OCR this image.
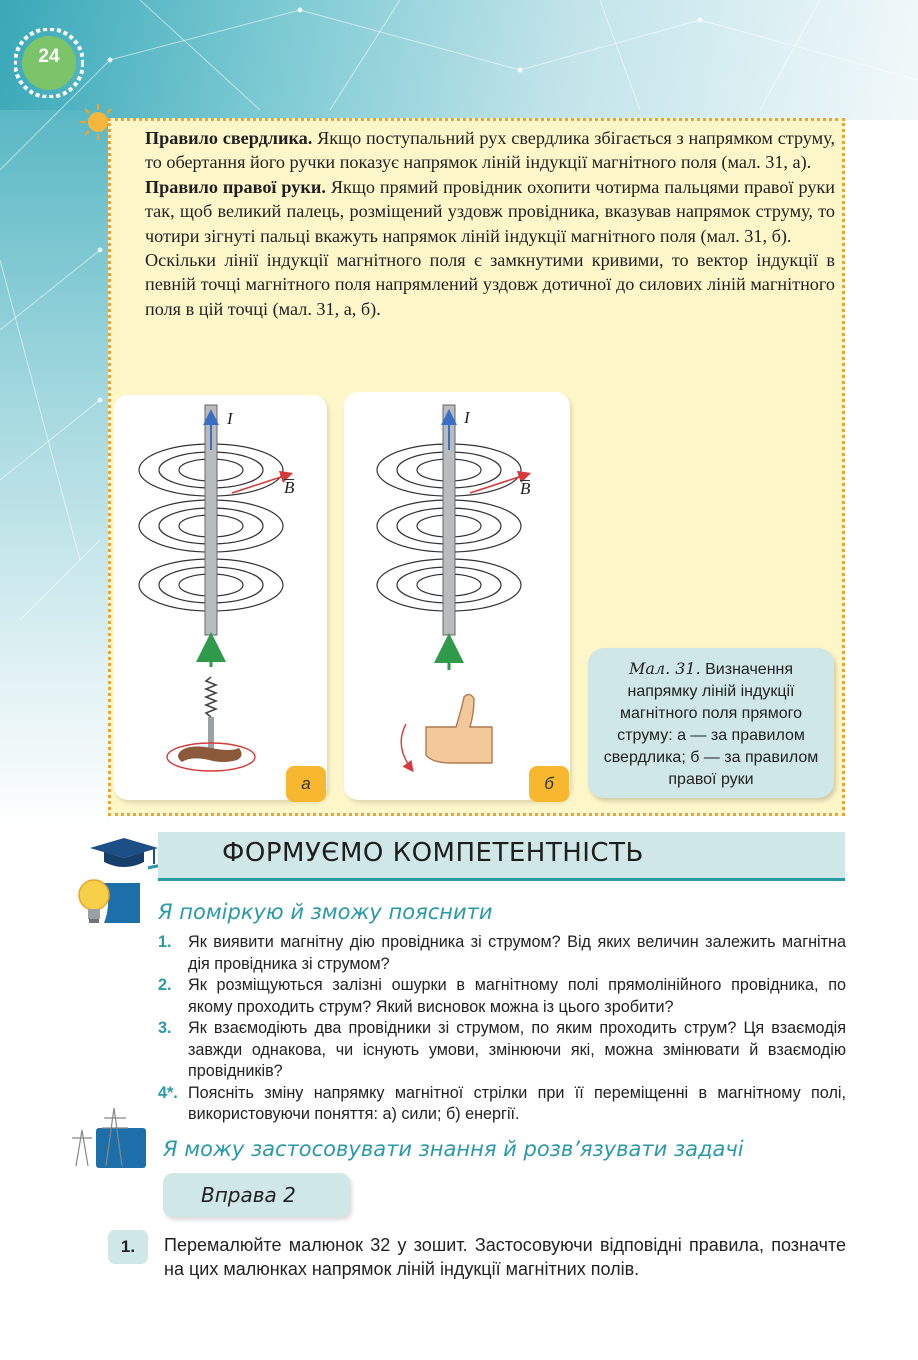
24

Правило свердлика. Якщо поступальний рух свердлика збігається з напрямком струму, то обертання його ручки показує напрямок ліній індукції магнітного поля (мал. 31, а).

Правило правої руки. Якщо прямий провідник охопити чотирма пальцями правої руки так, щоб великий палець, розміщений уздовж провідника, вказував напрямок струму, то чотири зігнуті пальці вкажуть напрямок ліній індукції магнітного поля (мал. 31, б).

Оскільки лінії індукції магнітного поля є замкнутими кривими, то вектор індукції в певній точці магнітного поля напрямлений уздовж дотичної до силових ліній магнітного поля в цій точці (мал. 31, а, б).

I
B
а
I
B
б
Мал. 31. Визначення напрямку ліній індукції магнітного поля прямого струму: а — за правилом свердлика; б — за правилом правої руки
ФОРМУЄМО КОМПЕТЕНТНІСТЬ
Я поміркую й зможу пояснити
1. Як виявити магнітну дію провідника зі струмом? Від яких величин залежить магнітна дія провідника зі струмом?
2. Як розміщуються залізні ошурки в магнітному полі прямолінійного провідника, по якому проходить струм? Який висновок можна із цього зробити?
3. Як взаємодіють два провідники зі струмом, по яким проходить струм? Ця взаємодія завжди однакова, чи існують умови, змінюючи які, можна змінювати й взаємодію провідників?
4*. Поясніть зміну напрямку магнітної стрілки при її переміщенні в магнітному полі, використовуючи поняття: а) сили; б) енергії.
Я можу застосовувати знання й розв’язувати задачі
Вправа 2
1.	Перемалюйте малюнок 32 у зошит. Застосовуючи відповідні правила, позначте на цих малюнках напрямок ліній індукції магнітних полів.
